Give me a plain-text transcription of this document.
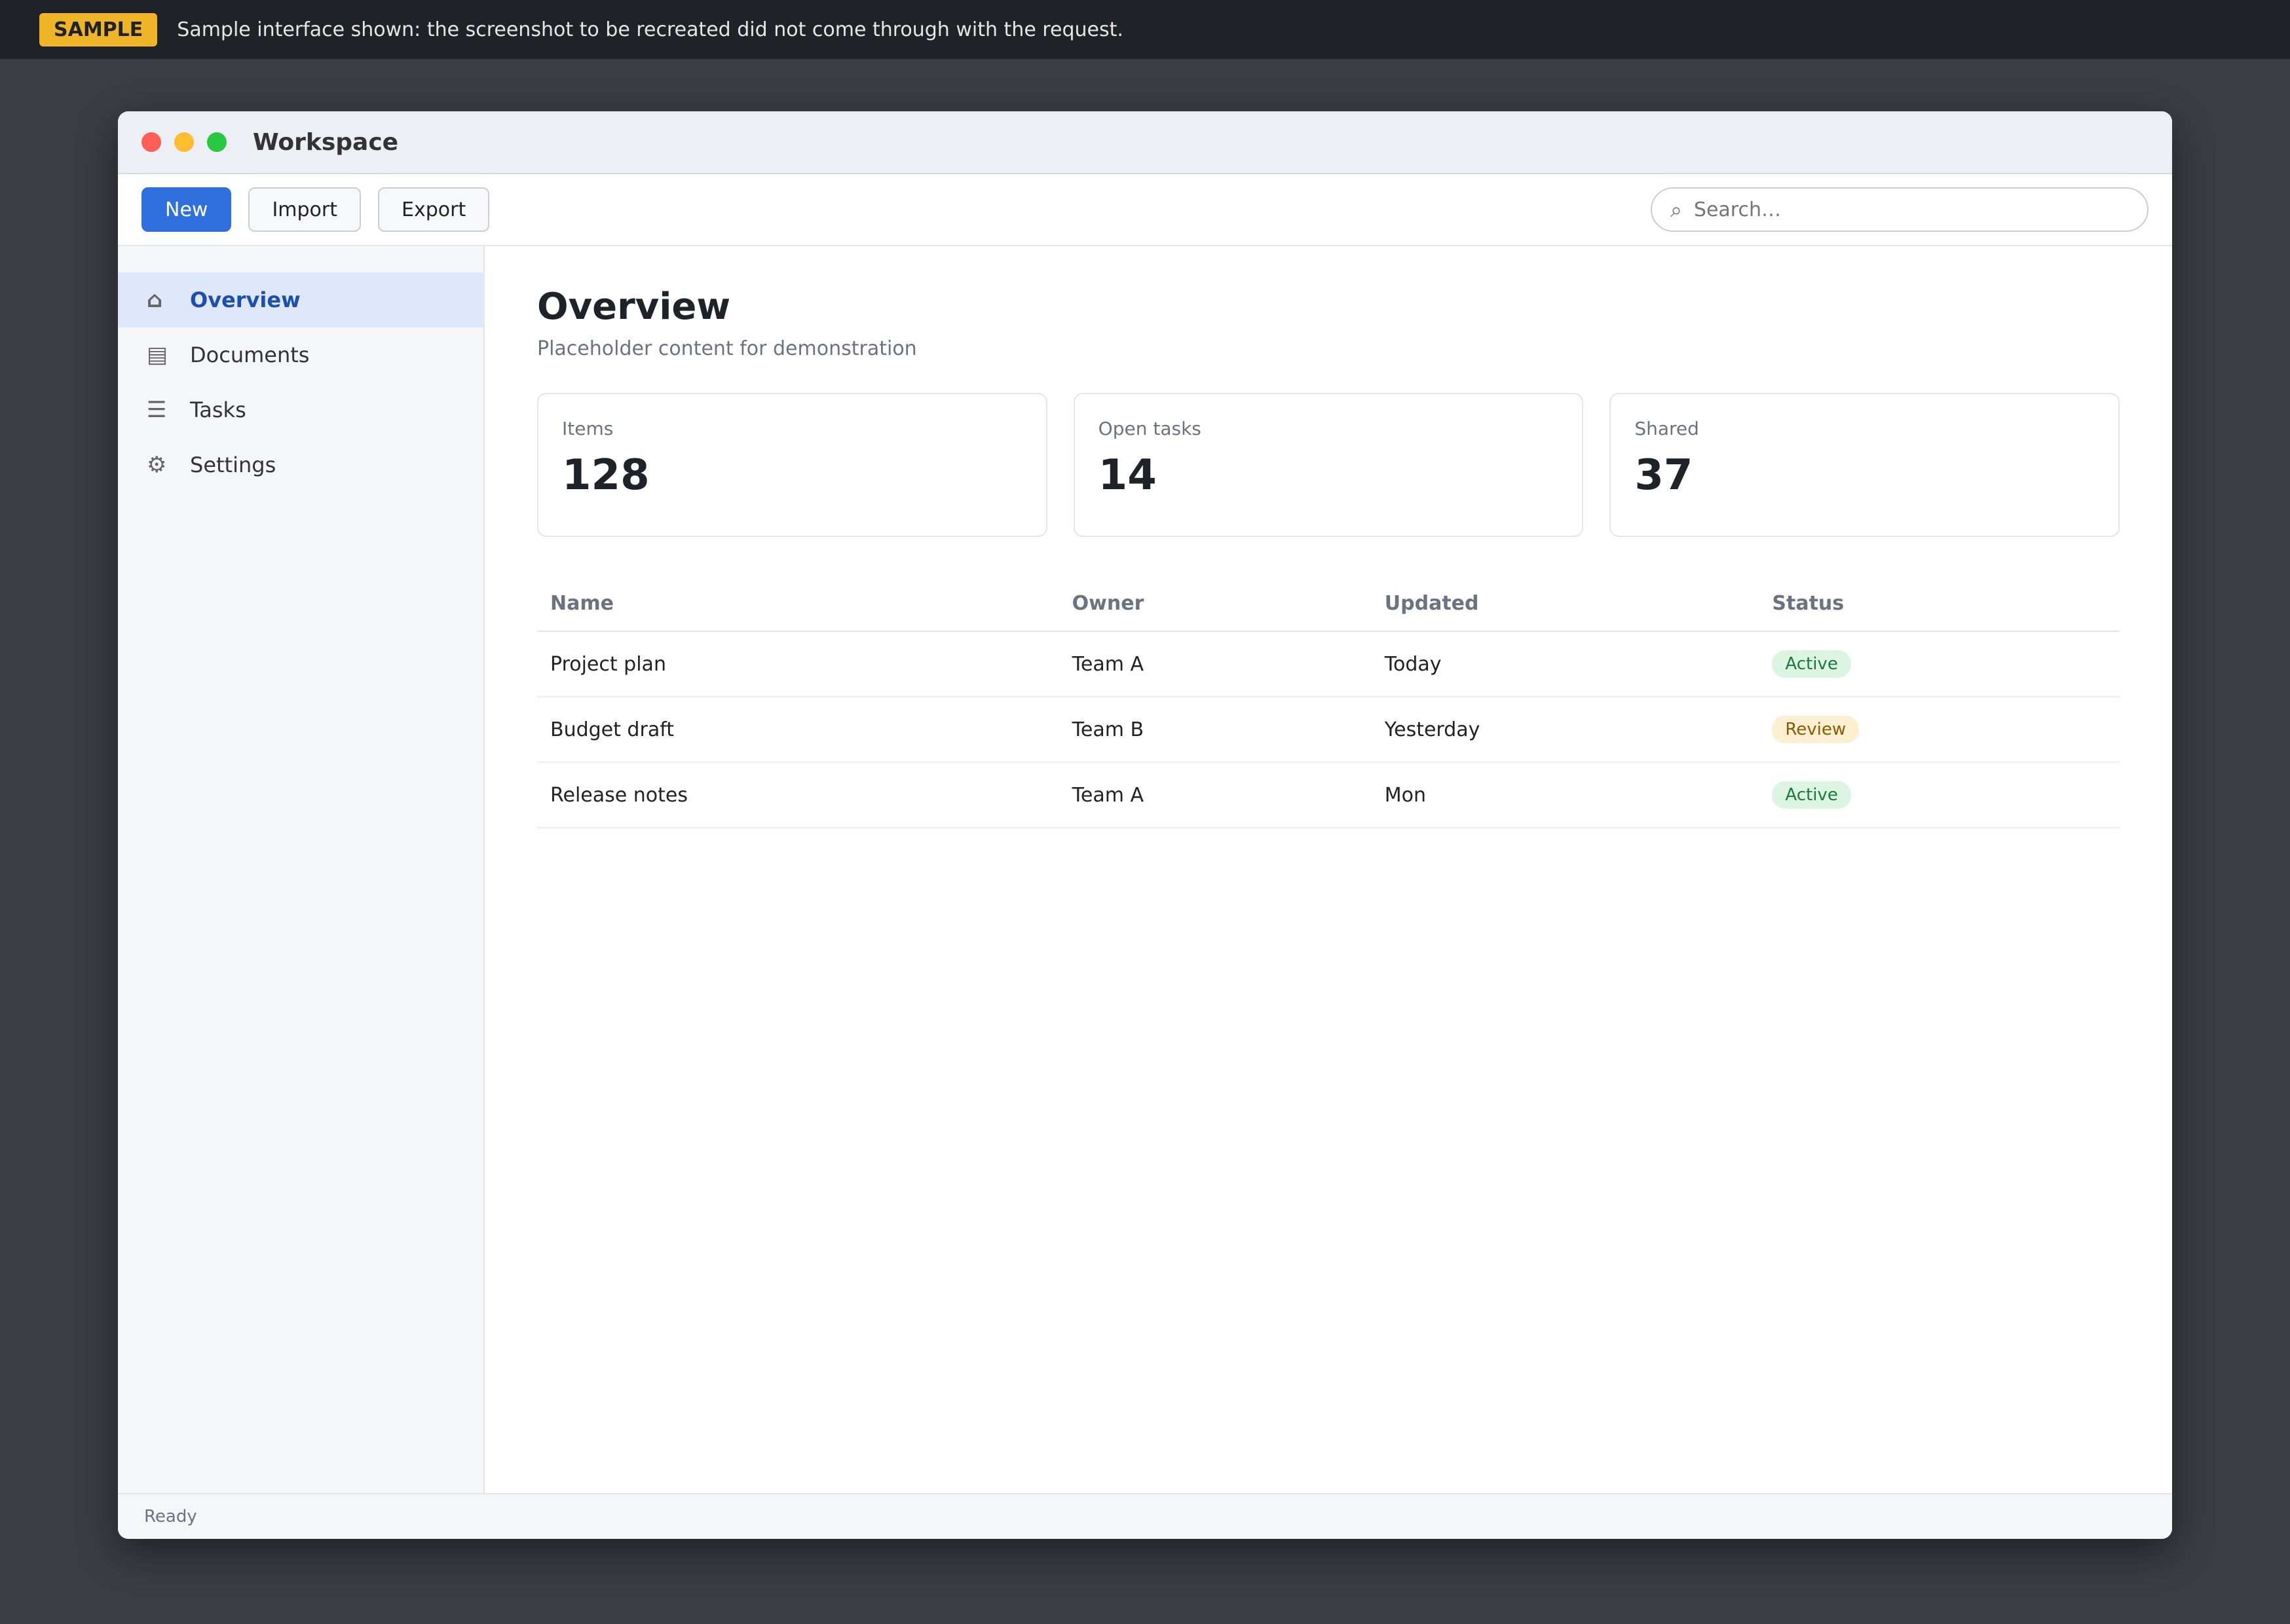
SAMPLE	Sample interface shown: the screenshot to be recreated did not come through with the request.
Workspace
New	Import	Export	⌕
Search…
⌂	Overview
▤	Documents
☰	Tasks
⚙	Settings
Overview

Placeholder content for demonstration

Items
128
Open tasks
14
Shared
37
Name	Owner	Updated	Status
Project plan	Team A	Today	Active
Budget draft	Team B	Yesterday	Review
Release notes	Team A	Mon	Active
Ready
